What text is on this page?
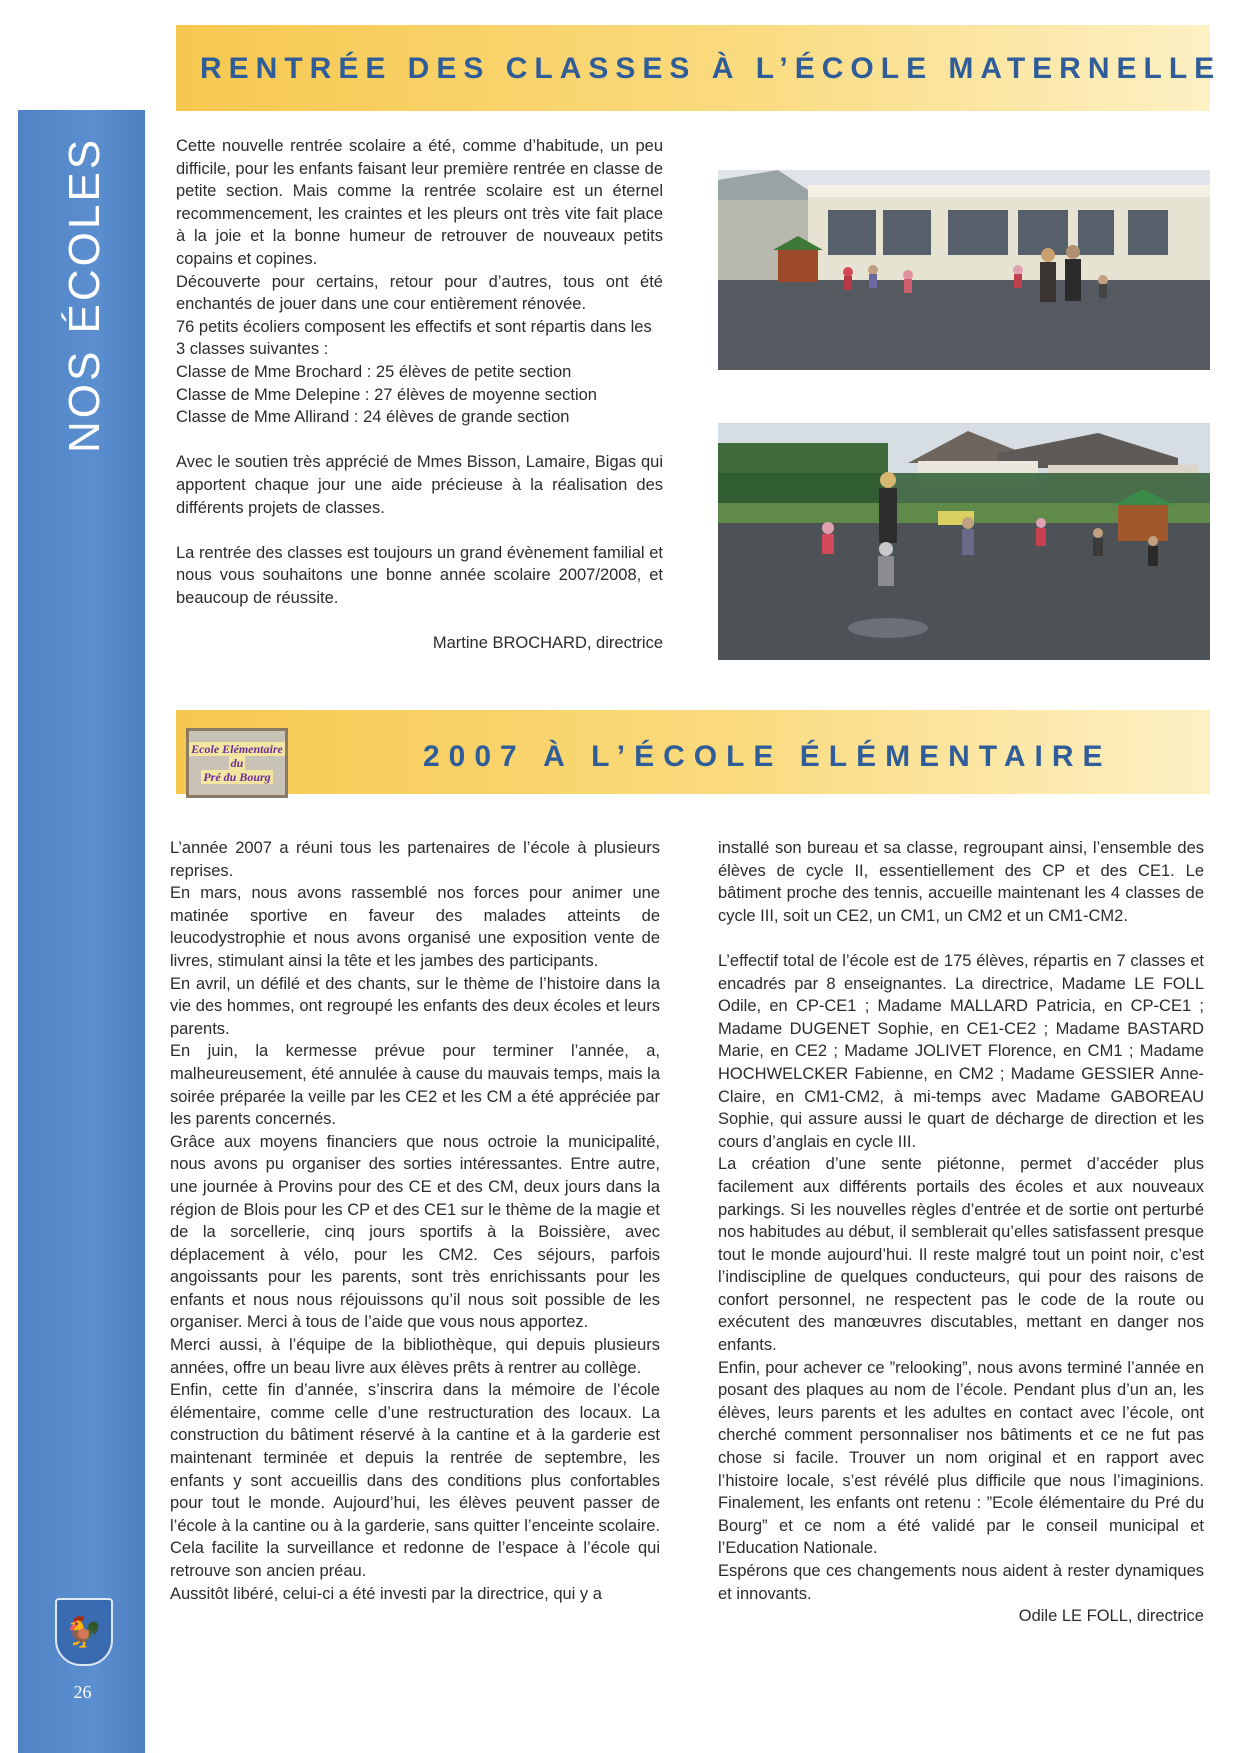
NOS ÉCOLES
🐓
26
RENTRÉE DES CLASSES À L’ÉCOLE MATERNELLE

Cette nouvelle rentrée scolaire a été, comme d’habitude, un peu difficile, pour les enfants faisant leur première rentrée en classe de petite section. Mais comme la rentrée scolaire est un éternel recommencement, les craintes et les pleurs ont très vite fait place à la joie et la bonne humeur de retrouver de nouveaux petits copains et copines.

Découverte pour certains, retour pour d’autres, tous ont été enchantés de jouer dans une cour entièrement rénovée.

76 petits écoliers composent les effectifs et sont répartis dans les 3 classes suivantes :

Classe de Mme Brochard : 25 élèves de petite section

Classe de Mme Delepine : 27 élèves de moyenne section

Classe de Mme Allirand : 24 élèves de grande section

Avec le soutien très apprécié de Mmes Bisson, Lamaire, Bigas qui apportent chaque jour une aide précieuse à la réalisation des différents projets de classes.

La rentrée des classes est toujours un grand évènement familial et nous vous souhaitons une bonne année scolaire 2007/2008, et beaucoup de réussite.

Martine BROCHARD, directrice

Ecole Elémentaire
du
Pré du Bourg
2007 À L’ÉCOLE ÉLÉMENTAIRE

L’année 2007 a réuni tous les partenaires de l’école à plusieurs reprises.

En mars, nous avons rassemblé nos forces pour animer une matinée sportive en faveur des malades atteints de leucodystrophie et nous avons organisé une exposition vente de livres, stimulant ainsi la tête et les jambes des participants.

En avril, un défilé et des chants, sur le thème de l’histoire dans la vie des hommes, ont regroupé les enfants des deux écoles et leurs parents.

En juin, la kermesse prévue pour terminer l’année, a, malheureusement, été annulée à cause du mauvais temps, mais la soirée préparée la veille par les CE2 et les CM a été appréciée par les parents concernés.

Grâce aux moyens financiers que nous octroie la municipalité, nous avons pu organiser des sorties intéressantes. Entre autre, une journée à Provins pour des CE et des CM, deux jours dans la région de Blois pour les CP et des CE1 sur le thème de la magie et de la sorcellerie, cinq jours sportifs à la Boissière, avec déplacement à vélo, pour les CM2. Ces séjours, parfois angoissants pour les parents, sont très enrichissants pour les enfants et nous nous réjouissons qu’il nous soit possible de les organiser. Merci à tous de l’aide que vous nous apportez.

Merci aussi, à l’équipe de la bibliothèque, qui depuis plusieurs années, offre un beau livre aux élèves prêts à rentrer au collège.

Enfin, cette fin d’année, s’inscrira dans la mémoire de l’école élémentaire, comme celle d’une restructuration des locaux. La construction du bâtiment réservé à la cantine et à la garderie est maintenant terminée et depuis la rentrée de septembre, les enfants y sont accueillis dans des conditions plus confortables pour tout le monde. Aujourd’hui, les élèves peuvent passer de l’école à la cantine ou à la garderie, sans quitter l’enceinte scolaire. Cela facilite la surveillance et redonne de l’espace à l’école qui retrouve son ancien préau.

Aussitôt libéré, celui-ci a été investi par la directrice, qui y a

installé son bureau et sa classe, regroupant ainsi, l’ensemble des élèves de cycle II, essentiellement des CP et des CE1. Le bâtiment proche des tennis, accueille maintenant les 4 classes de cycle III, soit un CE2, un CM1, un CM2 et un CM1-CM2.

L’effectif total de l’école est de 175 élèves, répartis en 7 classes et encadrés par 8 enseignantes. La directrice, Madame LE FOLL Odile, en CP-CE1 ; Madame MALLARD Patricia, en CP-CE1 ; Madame DUGENET Sophie, en CE1-CE2 ; Madame BASTARD Marie, en CE2 ; Madame JOLIVET Florence, en CM1 ; Madame HOCHWELCKER Fabienne, en CM2 ; Madame GESSIER Anne-Claire, en CM1-CM2, à mi-temps avec Madame GABOREAU Sophie, qui assure aussi le quart de décharge de direction et les cours d’anglais en cycle III.

La création d’une sente piétonne, permet d’accéder plus facilement aux différents portails des écoles et aux nouveaux parkings. Si les nouvelles règles d’entrée et de sortie ont perturbé nos habitudes au début, il semblerait qu’elles satisfassent presque tout le monde aujourd’hui. Il reste malgré tout un point noir, c’est l’indiscipline de quelques conducteurs, qui pour des raisons de confort personnel, ne respectent pas le code de la route ou exécutent des manœuvres discutables, mettant en danger nos enfants.

Enfin, pour achever ce ”relooking”, nous avons terminé l’année en posant des plaques au nom de l’école. Pendant plus d’un an, les élèves, leurs parents et les adultes en contact avec l’école, ont cherché comment personnaliser nos bâtiments et ce ne fut pas chose si facile. Trouver un nom original et en rapport avec l’histoire locale, s’est révélé plus difficile que nous l’imaginions. Finalement, les enfants ont retenu : ”Ecole élémentaire du Pré du Bourg” et ce nom a été validé par le conseil municipal et l’Education Nationale.

Espérons que ces changements nous aident à rester dynamiques et innovants.

Odile LE FOLL, directrice
